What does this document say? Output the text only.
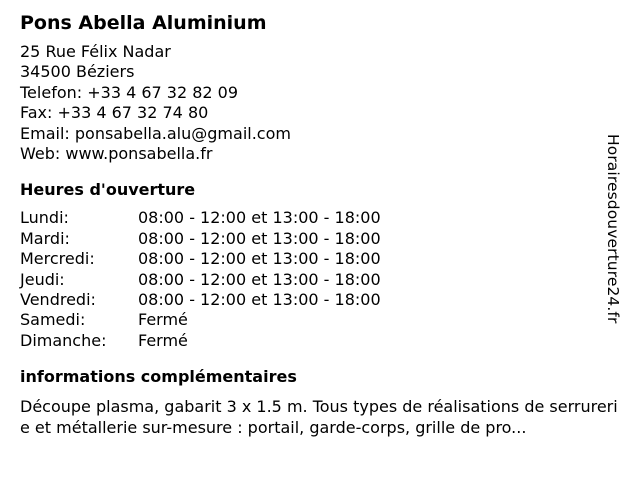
Pons Abella Aluminium
25 Rue Félix Nadar
34500 Béziers
Telefon: +33 4 67 32 82 09
Fax: +33 4 67 32 74 80
Email: ponsabella.alu@gmail.com
Web: www.ponsabella.fr
Heures d'ouverture
Lundi:	08:00 - 12:00 et 13:00 - 18:00
Mardi:	08:00 - 12:00 et 13:00 - 18:00
Mercredi:	08:00 - 12:00 et 13:00 - 18:00
Jeudi:	08:00 - 12:00 et 13:00 - 18:00
Vendredi:	08:00 - 12:00 et 13:00 - 18:00
Samedi:	Fermé
Dimanche:	Fermé
informations complémentaires
Découpe plasma, gabarit 3 x 1.5 m. Tous types de réalisations de serrurerie et métallerie sur-mesure : portail, garde-corps, grille de pro...
Horairesdouverture24.fr
